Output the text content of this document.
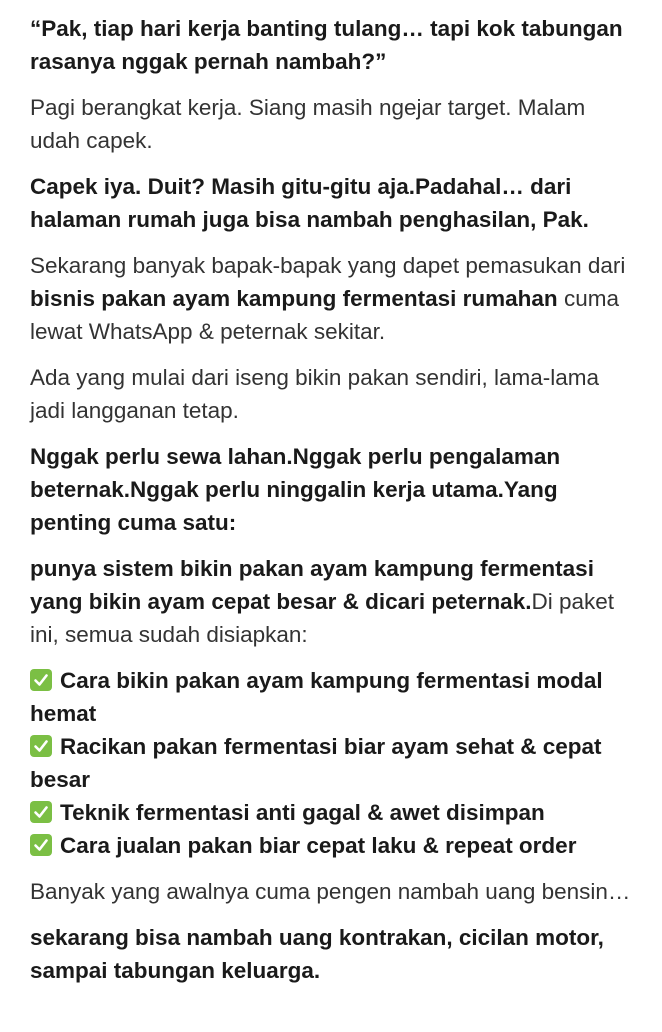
“Pak, tiap hari kerja banting tulang… tapi kok tabungan rasanya nggak pernah nambah?”

Pagi berangkat kerja. Siang masih ngejar target. Malam udah capek.

Capek iya. Duit? Masih gitu-gitu aja.Padahal… dari halaman rumah juga bisa nambah penghasilan, Pak.

Sekarang banyak bapak-bapak yang dapet pemasukan dari bisnis pakan ayam kampung fermentasi rumahan cuma lewat WhatsApp & peternak sekitar.

Ada yang mulai dari iseng bikin pakan sendiri, lama-lama jadi langganan tetap.

Nggak perlu sewa lahan.Nggak perlu pengalaman beternak.Nggak perlu ninggalin kerja utama.Yang penting cuma satu:

punya sistem bikin pakan ayam kampung fermentasi yang bikin ayam cepat besar & dicari peternak.Di paket ini, semua sudah disiapkan:

Cara bikin pakan ayam kampung fermentasi modal hemat
Racikan pakan fermentasi biar ayam sehat & cepat besar
Teknik fermentasi anti gagal & awet disimpan
Cara jualan pakan biar cepat laku & repeat order

Banyak yang awalnya cuma pengen nambah uang bensin…

sekarang bisa nambah uang kontrakan, cicilan motor, sampai tabungan keluarga.
